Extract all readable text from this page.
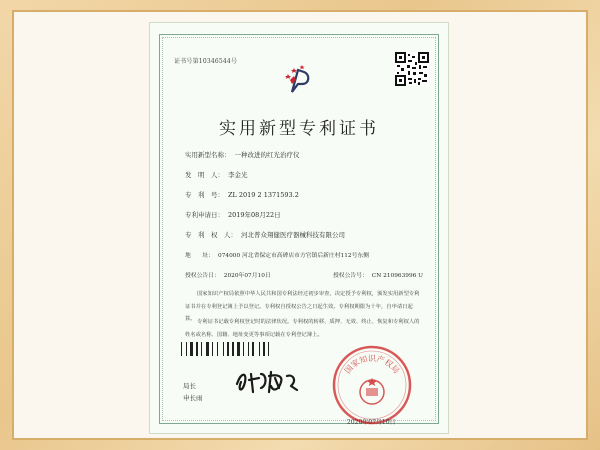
证书号第10346544号
实用新型专利证书
实用新型名称： 一种改进的红光治疗仪
发　明　人： 李金光
专　利　号： ZL 2019 2 1371593.2
专利申请日： 2019年08月22日
专　利　权　人： 河北普众翔健医疗器械科技有限公司
地　　址： 074000 河北省保定市高碑店市方官镇后新庄村112号东侧
授权公告日： 2020年07月10日	授权公告号： CN 210963996 U
国家知识产权局依照中华人民共和国专利法经过初步审查，决定授予专利权，颁发实用新型专利证书并在专利登记簿上予以登记。专利权自授权公告之日起生效。专利权期限为十年，自申请日起算。 专利证书记载专利权登记时的法律状况。专利权的转移、质押、无效、终止、恢复和专利权人的姓名或名称、国籍、地址变更等事项记载在专利登记簿上。
局长
申长雨
国家知识产权局
2020年07月10日
